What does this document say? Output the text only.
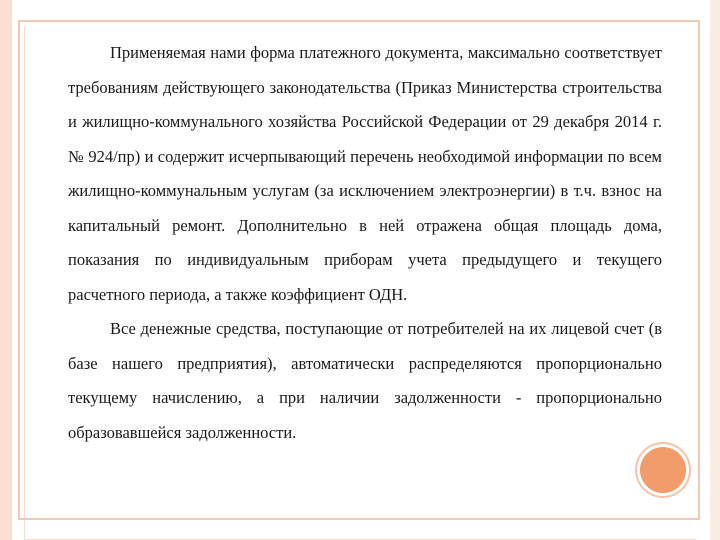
Применяемая нами форма платежного документа, максимально соответствует требованиям действующего законодательства (Приказ Министерства строительства и жилищно-коммунального хозяйства Российской Федерации от 29 декабря 2014 г. № 924/пр) и содержит исчерпывающий перечень необходимой информации по всем жилищно-коммунальным услугам (за исключением электроэнергии) в т.ч. взнос на капитальный ремонт. Дополнительно в ней отражена общая площадь дома, показания по индивидуальным приборам учета предыдущего и текущего расчетного периода, а также коэффициент ОДН.

Все денежные средства, поступающие от потребителей на их лицевой счет (в базе нашего предприятия), автоматически распределяются пропорционально текущему начислению, а при наличии задолженности - пропорционально образовавшейся задолженности.
